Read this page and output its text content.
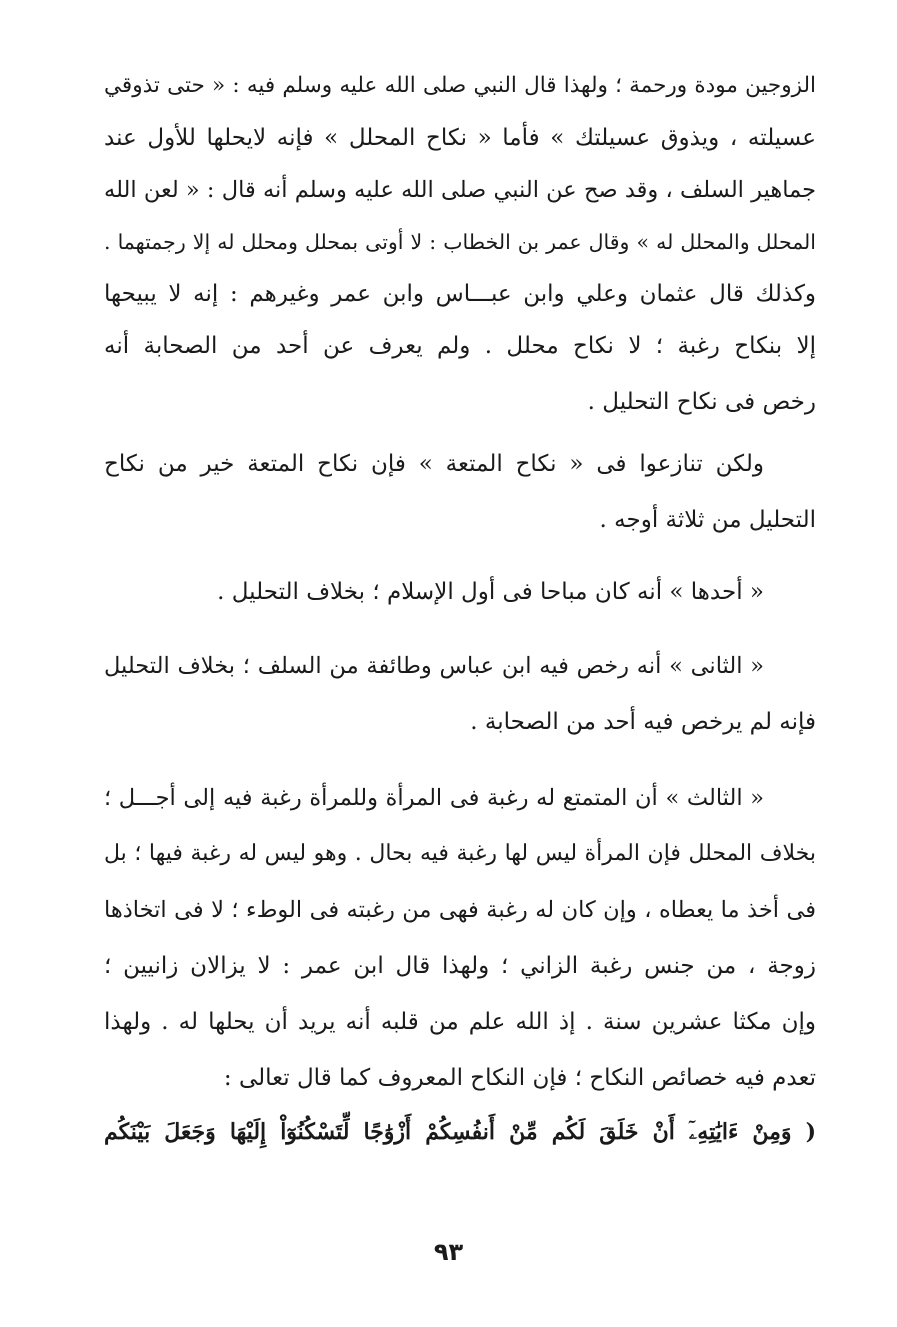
الزوجين مودة ورحمة ؛ ولهذا قال النبي صلى الله عليه وسلم فيه : « حتى تذوقي
عسيلته ، ويذوق عسيلتك » فأما « نكاح المحلل » فإنه لايحلها للأول عند
جماهير السلف ، وقد صح عن النبي صلى الله عليه وسلم أنه قال : « لعن الله
المحلل والمحلل له » وقال عمر بن الخطاب : لا أوتى بمحلل ومحلل له إلا رجمتهما .
وكذلك قال عثمان وعلي وابن عبـــاس وابن عمر وغيرهم : إنه لا يبيحها
إلا بنكاح رغبة ؛ لا نكاح محلل . ولم يعرف عن أحد من الصحابة أنه
رخص فى نكاح التحليل .
ولكن تنازعوا فى « نكاح المتعة » فإن نكاح المتعة خير من نكاح
التحليل من ثلاثة أوجه .
« أحدها » أنه كان مباحا فى أول الإسلام ؛ بخلاف التحليل .
« الثانى » أنه رخص فيه ابن عباس وطائفة من السلف ؛ بخلاف التحليل
فإنه لم يرخص فيه أحد من الصحابة .
« الثالث » أن المتمتع له رغبة فى المرأة وللمرأة رغبة فيه إلى أجـــل ؛
بخلاف المحلل فإن المرأة ليس لها رغبة فيه بحال . وهو ليس له رغبة فيها ؛ بل
فى أخذ ما يعطاه ، وإن كان له رغبة فهى من رغبته فى الوطء ؛ لا فى اتخاذها
زوجة ، من جنس رغبة الزاني ؛ ولهذا قال ابن عمر : لا يزالان زانيين ؛
وإن مكثا عشرين سنة . إذ الله علم من قلبه أنه يريد أن يحلها له . ولهذا
تعدم فيه خصائص النكاح ؛ فإن النكاح المعروف كما قال تعالى :
( وَمِنْ ءَايَٰتِهِۦٓ أَنْ خَلَقَ لَكُم مِّنْ أَنفُسِكُمْ أَزْوَٰجًا لِّتَسْكُنُوٓاْ إِلَيْهَا وَجَعَلَ بَيْنَكُم
٩٣
